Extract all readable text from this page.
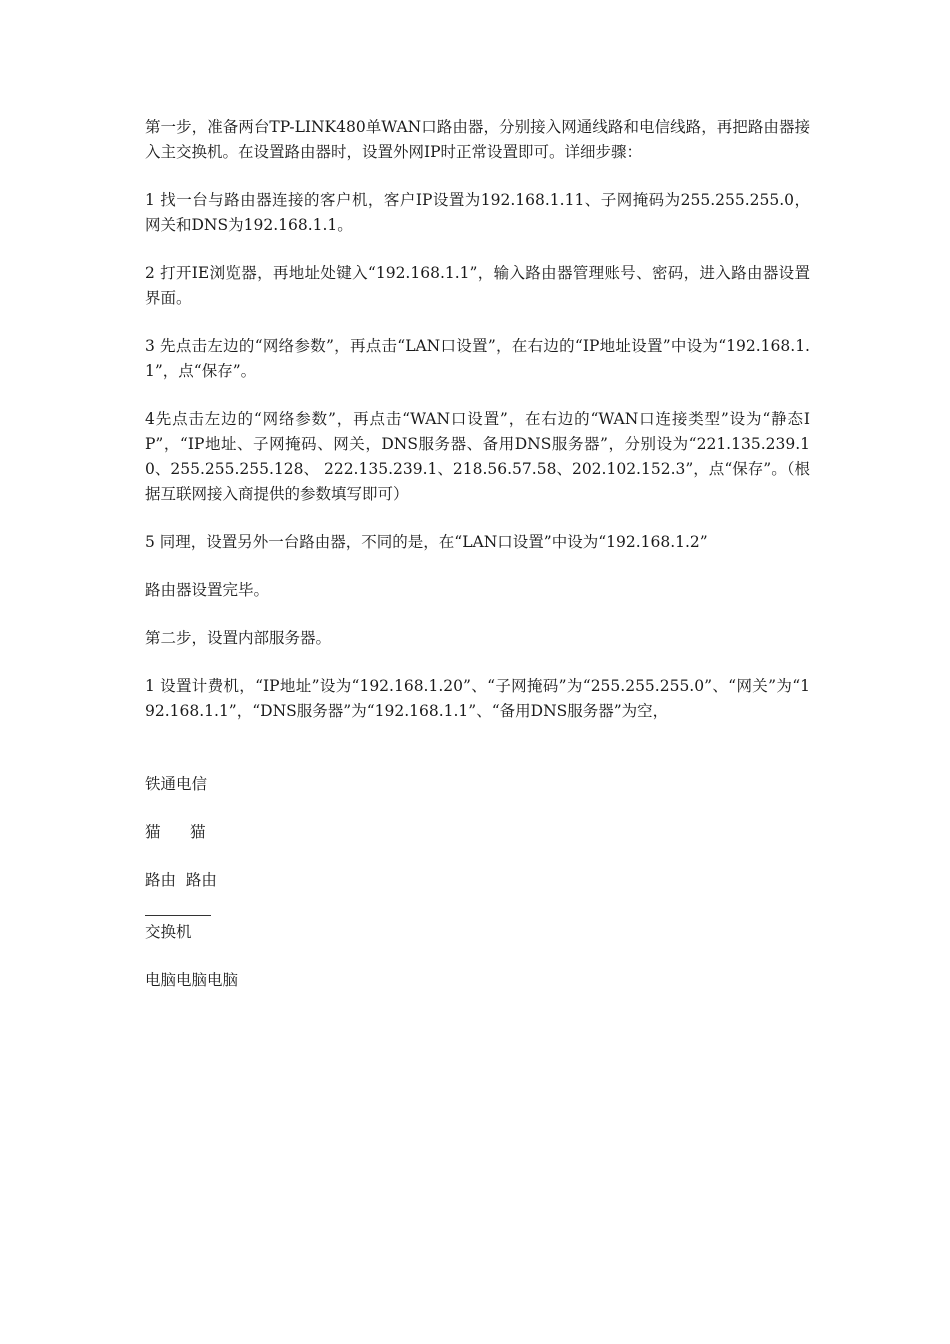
第一步，准备两台TP-LINK480单WAN口路由器，分别接入网通线路和电信线路，再把路由器接入主交换机。在设置路由器时，设置外网IP时正常设置即可。详细步骤：

1 找一台与路由器连接的客户机，客户IP设置为192.168.1.11、子网掩码为255.255.255.0，网关和DNS为192.168.1.1。

2 打开IE浏览器，再地址处键入“192.168.1.1”，输入路由器管理账号、密码，进入路由器设置界面。

3 先点击左边的“网络参数”，再点击“LAN口设置”，在右边的“IP地址设置”中设为“192.168.1.1”，点“保存”。

4先点击左边的“网络参数”，再点击“WAN口设置”，在右边的“WAN口连接类型”设为“静态IP”，“IP地址、子网掩码、网关，DNS服务器、备用DNS服务器”，分别设为“221.135.239.10、255.255.255.128、 222.135.239.1、218.56.57.58、202.102.152.3”，点“保存”。（根据互联网接入商提供的参数填写即可）

5 同理，设置另外一台路由器，不同的是，在“LAN口设置”中设为“192.168.1.2”

路由器设置完毕。

第二步，设置内部服务器。

1 设置计费机，“IP地址”设为“192.168.1.20”、“子网掩码”为“255.255.255.0”、“网关”为“192.168.1.1”，“DNS服务器”为“192.168.1.1”、“备用DNS服务器”为空，

铁通电信

猫      猫

路由  路由

交换机

电脑电脑电脑
